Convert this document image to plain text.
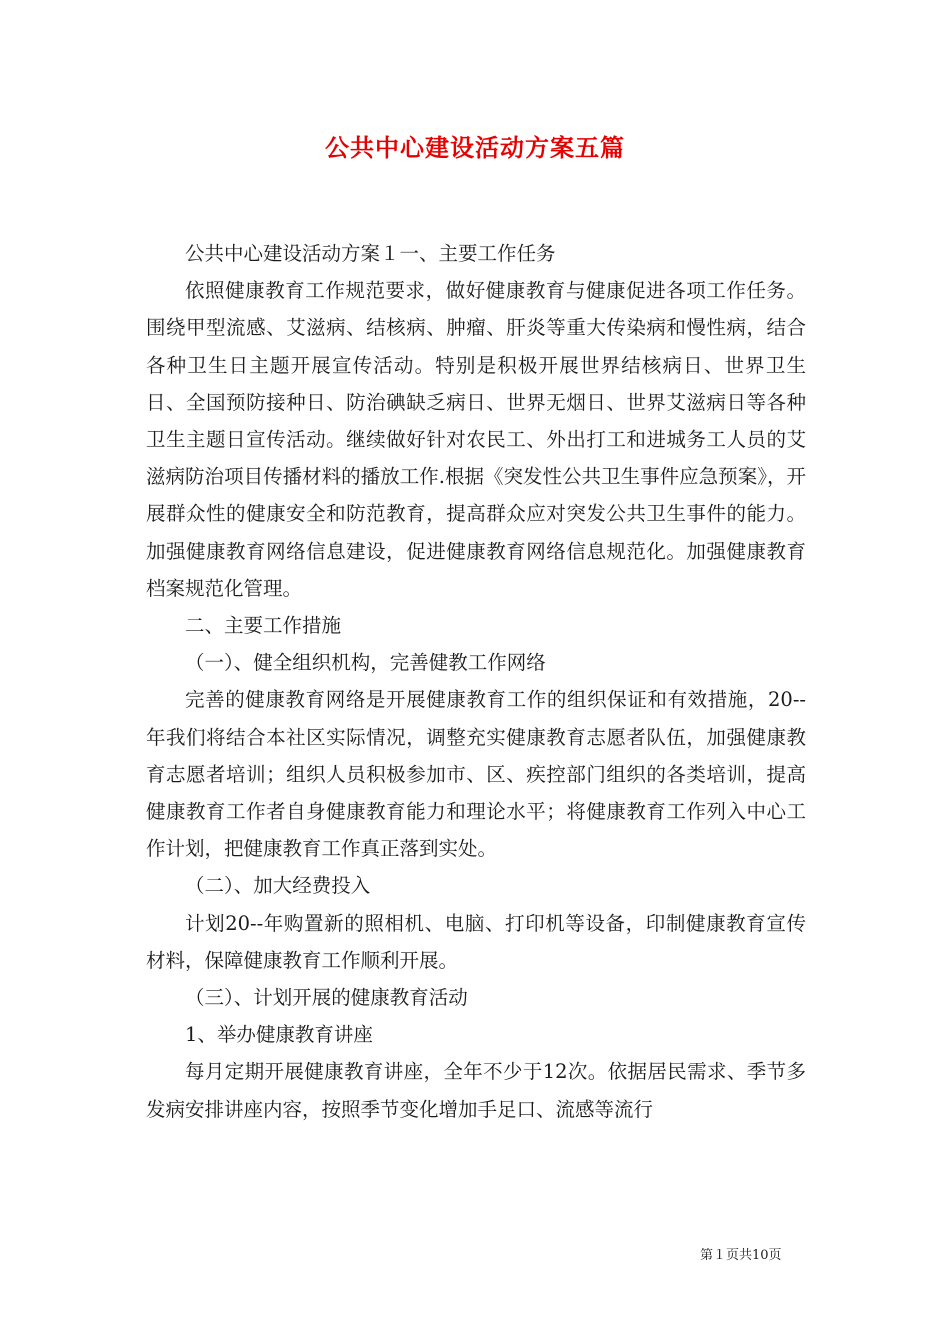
公共中心建设活动方案五篇

公共中心建设活动方案１一、主要工作任务

依照健康教育工作规范要求，做好健康教育与健康促进各项工作任务。围绕甲型流感、艾滋病、结核病、肿瘤、肝炎等重大传染病和慢性病，结合各种卫生日主题开展宣传活动。特别是积极开展世界结核病日、世界卫生日、全国预防接种日、防治碘缺乏病日、世界无烟日、世界艾滋病日等各种卫生主题日宣传活动。继续做好针对农民工、外出打工和进城务工人员的艾滋病防治项目传播材料的播放工作.根据《突发性公共卫生事件应急预案》，开展群众性的健康安全和防范教育，提高群众应对突发公共卫生事件的能力。加强健康教育网络信息建设，促进健康教育网络信息规范化。加强健康教育档案规范化管理。

二、主要工作措施

（一）、健全组织机构，完善健教工作网络

完善的健康教育网络是开展健康教育工作的组织保证和有效措施，20--年我们将结合本社区实际情况，调整充实健康教育志愿者队伍，加强健康教育志愿者培训；组织人员积极参加市、区、疾控部门组织的各类培训，提高健康教育工作者自身健康教育能力和理论水平；将健康教育工作列入中心工作计划，把健康教育工作真正落到实处。

（二）、加大经费投入

计划20--年购置新的照相机、电脑、打印机等设备，印制健康教育宣传材料，保障健康教育工作顺利开展。

（三）、计划开展的健康教育活动

1、举办健康教育讲座

每月定期开展健康教育讲座，全年不少于12次。依据居民需求、季节多发病安排讲座内容，按照季节变化增加手足口、流感等流行

第１页共10页
